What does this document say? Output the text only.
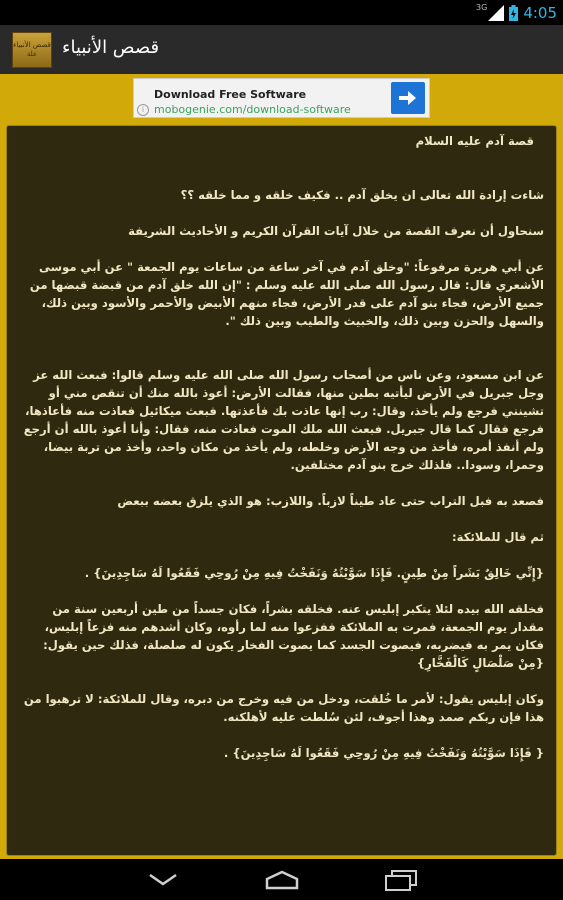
3G 4:05
قصص الأنبياء
علة قصص الأنبياء
Download Free Software
mobogenie.com/download-software
i

قصة آدم عليه السلام

شاءت إرادة الله تعالى ان يخلق آدم .. فكيف خلقه و مما خلقه ؟؟

سنحاول أن نعرف القصة من خلال آيات القرآن الكريم و الأحاديث الشريفة

عن أبي هريرة مرفوعاً: "وخلق آدم في آخر ساعة من ساعات يوم الجمعة " عن أبي موسى الأشعري قال: قال رسول الله صلى الله عليه وسلم : "إن الله خلق آدم من قبضة قبضها من جميع الأرض، فجاء بنو آدم على قدر الأرض، فجاء منهم الأبيض والأحمر والأسود وبين ذلك، والسهل والحزن وبين ذلك، والخبيث والطيب وبين ذلك ".

عن ابن مسعود، وعن ناس من أصحاب رسول الله صلى الله عليه وسلم قالوا: فبعث الله عز وجل جبريل في الأرض ليأتيه بطين منها، فقالت الأرض: أعوذ بالله منك أن تنقص مني أو تشينني فرجع ولم يأخذ، وقال: رب إنها عاذت بك فأعذتها. فبعث ميكائيل فعاذت منه فأعاذها، فرجع فقال كما قال جبريل. فبعث الله ملك الموت فعاذت منه، فقال: وأنا أعوذ بالله أن أرجع ولم أنفذ أمره، فأخذ من وجه الأرض وخلطه، ولم يأخذ من مكان واحد، وأخذ من تربة بيضا، وحمرا، وسودا.. فلذلك خرج بنو آدم مختلفين.

فصعد به فبل التراب حتى عاد طيناً لازباً. واللازب: هو الذي يلزق بعضه ببعض

ثم قال للملائكة:

{إِنِّي خَالِقٌ بَشَراً مِنْ طِينٍ. فَإِذَا سَوَّيْتُهُ وَنَفَخْتُ فِيهِ مِنْ رُوحِي فَقَعُوا لَهُ سَاجِدِينَ} .

فخلقه الله بيده لئلا يتكبر إبليس عنه. فخلقه بشراً، فكان جسداً من طين أربعين سنة من مقدار يوم الجمعة، فمرت به الملائكة ففزعوا منه لما رأوه، وكان أشدهم منه فزعاً إبليس، فكان يمر به فيضربه، فيصوت الجسد كما يصوت الفخار يكون له صلصلة، فذلك حين يقول: {مِنْ صَلْصَالٍ كَالْفَخَّارِ}

وكان إبليس يقول: لأمر ما خُلقت، ودخل من فيه وخرج من دبره، وقال للملائكة: لا ترهبوا من هذا فإن ربكم صمد وهذا أجوف، لئن سُلطت عليه لأهلكنه.

{ فَإِذَا سَوَّيْتُهُ وَنَفَخْتُ فِيهِ مِنْ رُوحِي فَقَعُوا لَهُ سَاجِدِينَ} .
